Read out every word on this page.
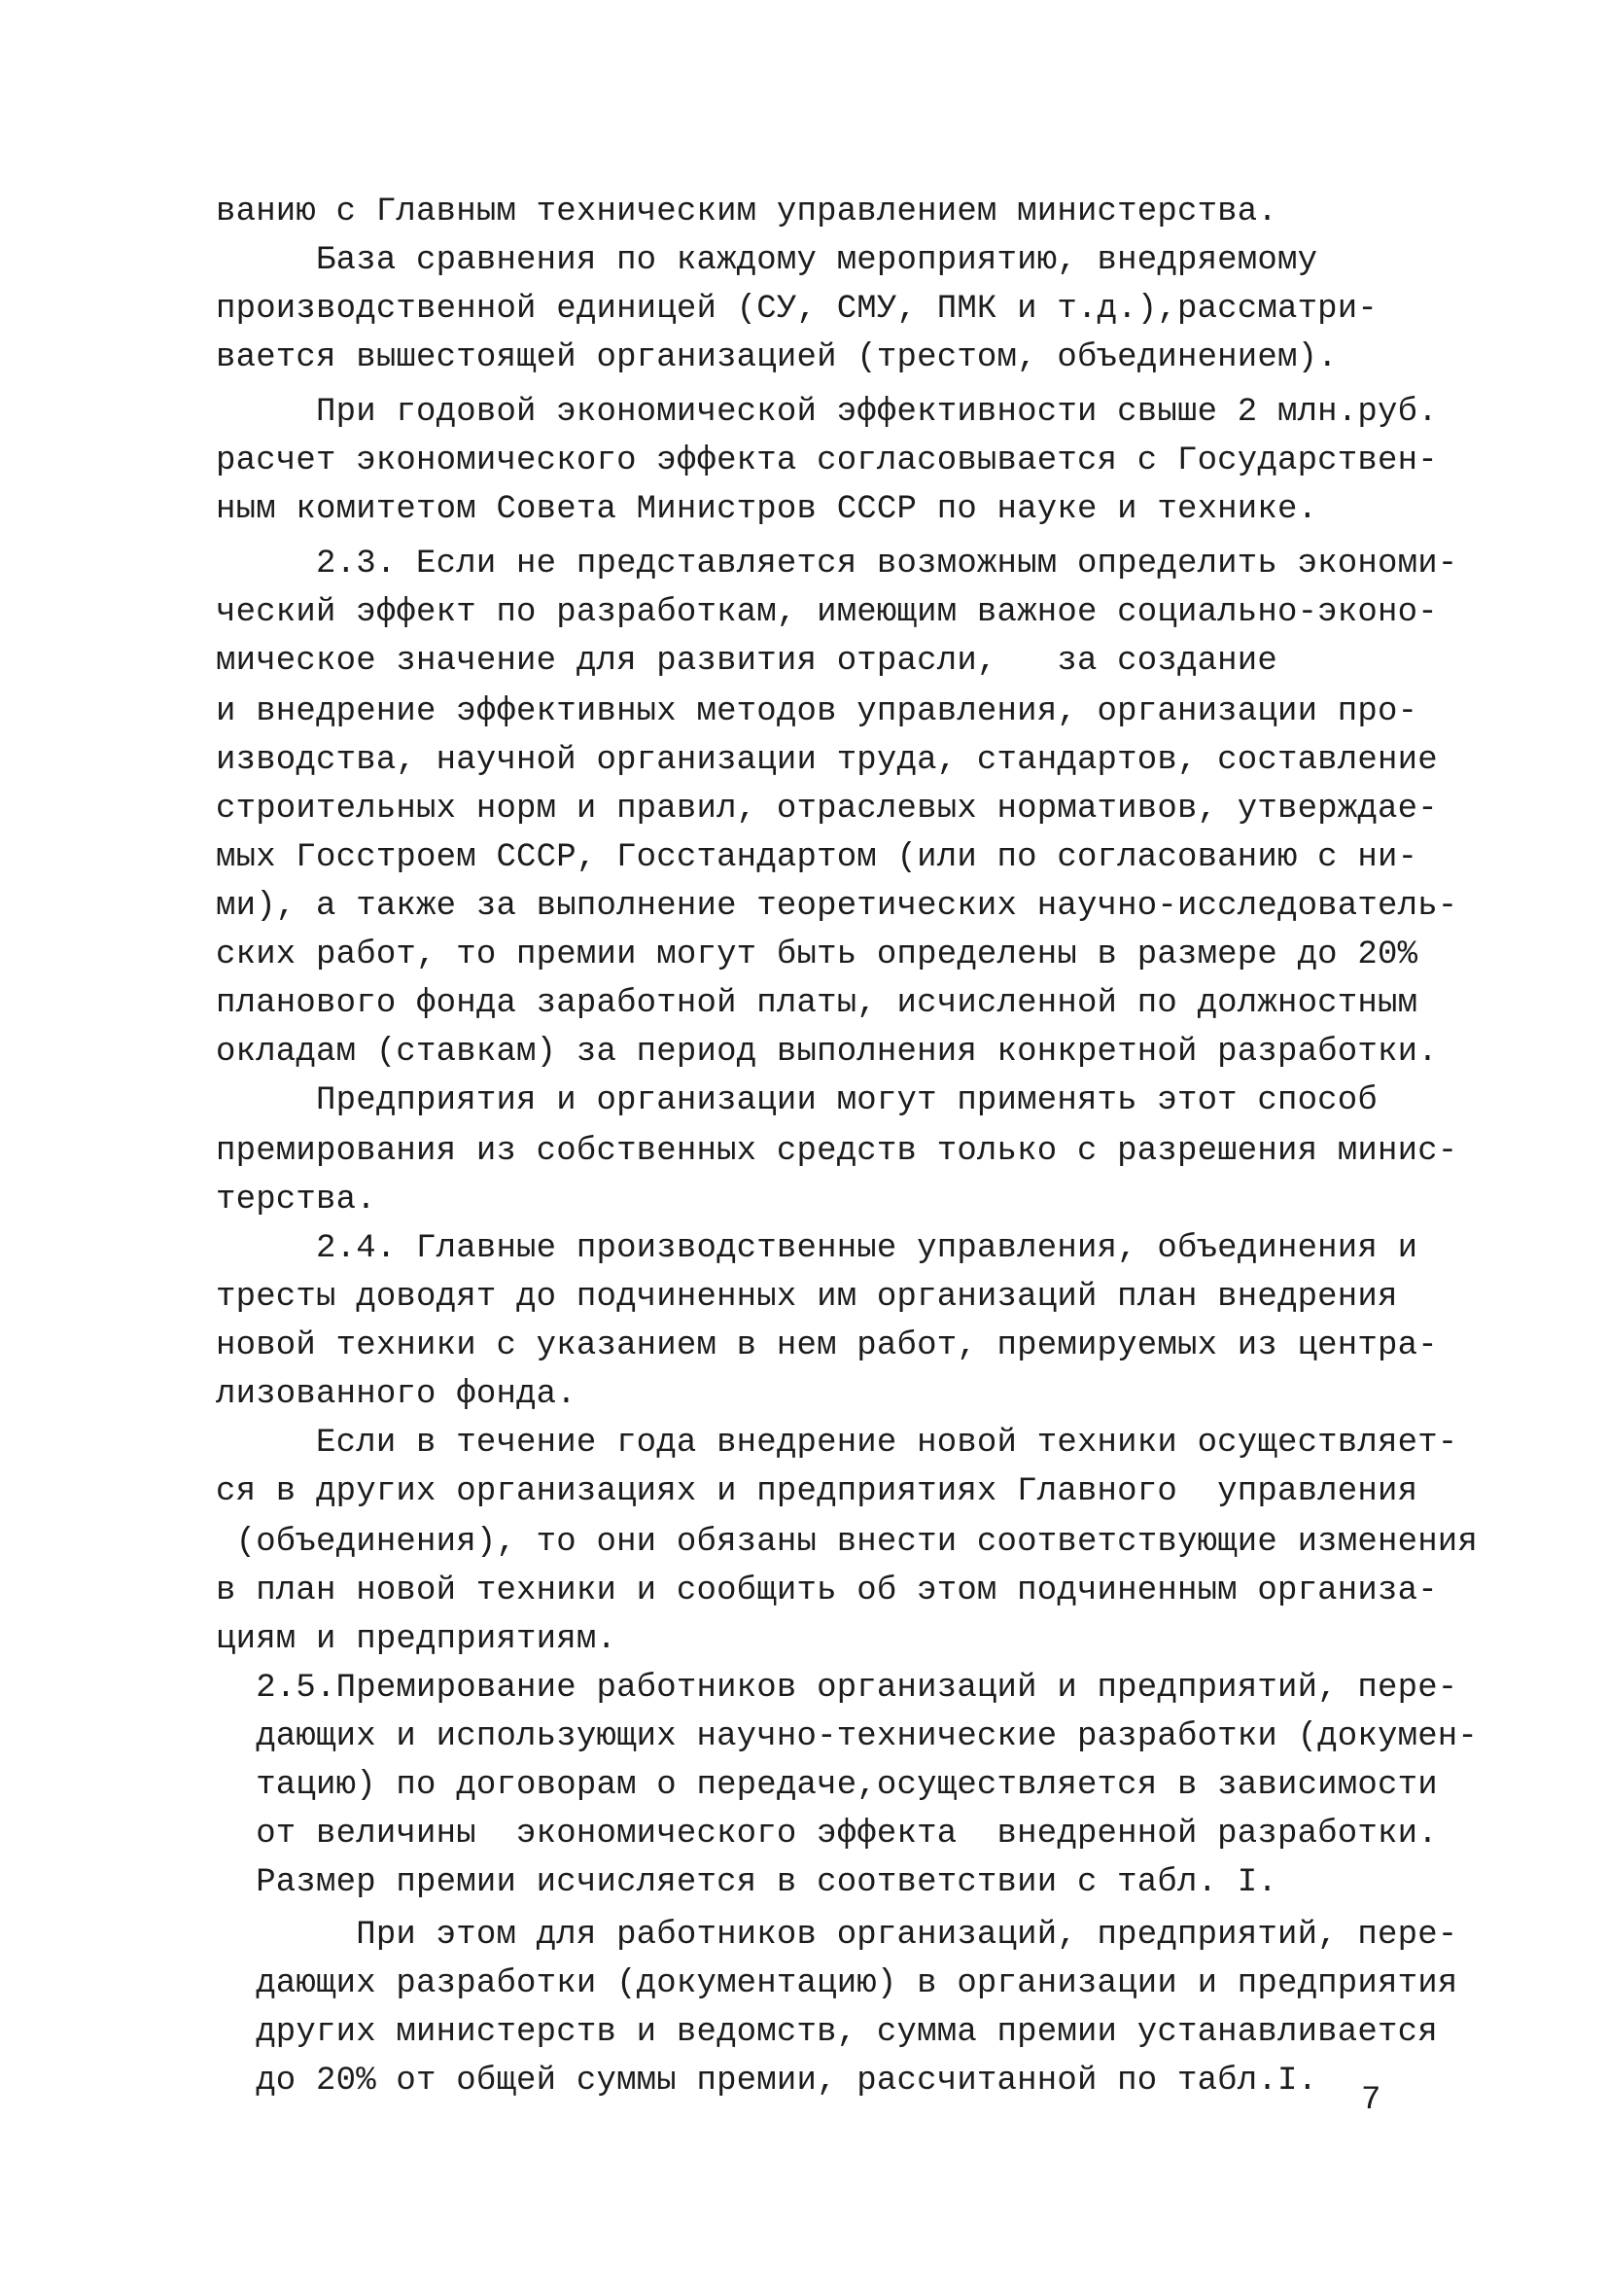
ванию с Главным техническим управлением министерства.
База сравнения по каждому мероприятию, внедряемому
производственной единицей (СУ, СМУ, ПМК и т.д.),рассматри-
вается вышестоящей организацией (трестом, объединением).
При годовой экономической эффективности свыше 2 млн.руб.
расчет экономического эффекта согласовывается с Государствен-
ным комитетом Совета Министров СССР по науке и технике.
2.3. Если не представляется возможным определить экономи-
ческий эффект по разработкам, имеющим важное социально-эконо-
мическое значение для развития отрасли,   за создание
и внедрение эффективных методов управления, организации про-
изводства, научной организации труда, стандартов, составление
строительных норм и правил, отраслевых нормативов, утверждае-
мых Госстроем СССР, Госстандартом (или по согласованию с ни-
ми), а также за выполнение теоретических научно-исследователь-
ских работ, то премии могут быть определены в размере до 20%
планового фонда заработной платы, исчисленной по должностным
окладам (ставкам) за период выполнения конкретной разработки.
Предприятия и организации могут применять этот способ
премирования из собственных средств только с разрешения минис-
терства.
2.4. Главные производственные управления, объединения и
тресты доводят до подчиненных им организаций план внедрения
новой техники с указанием в нем работ, премируемых из центра-
лизованного фонда.
Если в течение года внедрение новой техники осуществляет-
ся в других организациях и предприятиях Главного  управления
(объединения), то они обязаны внести соответствующие изменения
в план новой техники и сообщить об этом подчиненным организа-
циям и предприятиям.
2.5.Премирование работников организаций и предприятий, пере-
дающих и использующих научно-технические разработки (докумен-
тацию) по договорам о передаче,осуществляется в зависимости
от величины  экономического эффекта  внедренной разработки.
Размер премии исчисляется в соответствии с табл. I.
При этом для работников организаций, предприятий, пере-
дающих разработки (документацию) в организации и предприятия
других министерств и ведомств, сумма премии устанавливается
до 20% от общей суммы премии, рассчитанной по табл.I.
7
